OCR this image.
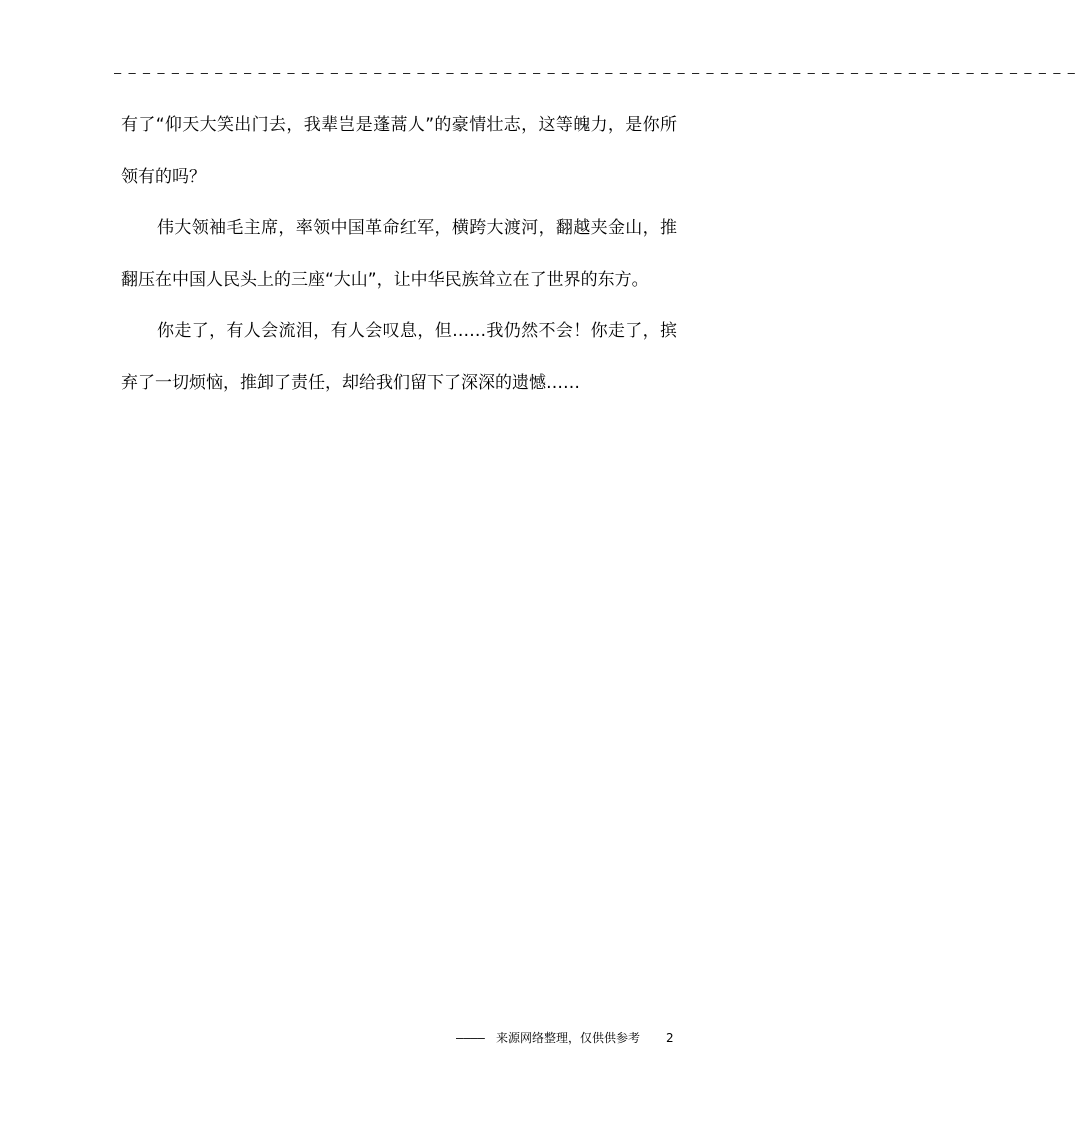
– – – – – – – – – – – – – – – – – – – – – – – – – – – – – – – – – – – – – – – – – – – – – – – – – – – – – – – – – – – – – – – – – – –

有了“仰天大笑出门去，我辈岂是蓬蒿人”的豪情壮志，这等魄力，是你所领有的吗？

伟大领袖毛主席，率领中国革命红军，横跨大渡河，翻越夹金山，推翻压在中国人民头上的三座“大山”，让中华民族耸立在了世界的东方。

你走了，有人会流泪，有人会叹息，但……我仍然不会！你走了，摈弃了一切烦恼，推卸了责任，却给我们留下了深深的遗憾……

–––– 来源网络整理，仅供供参考 2
